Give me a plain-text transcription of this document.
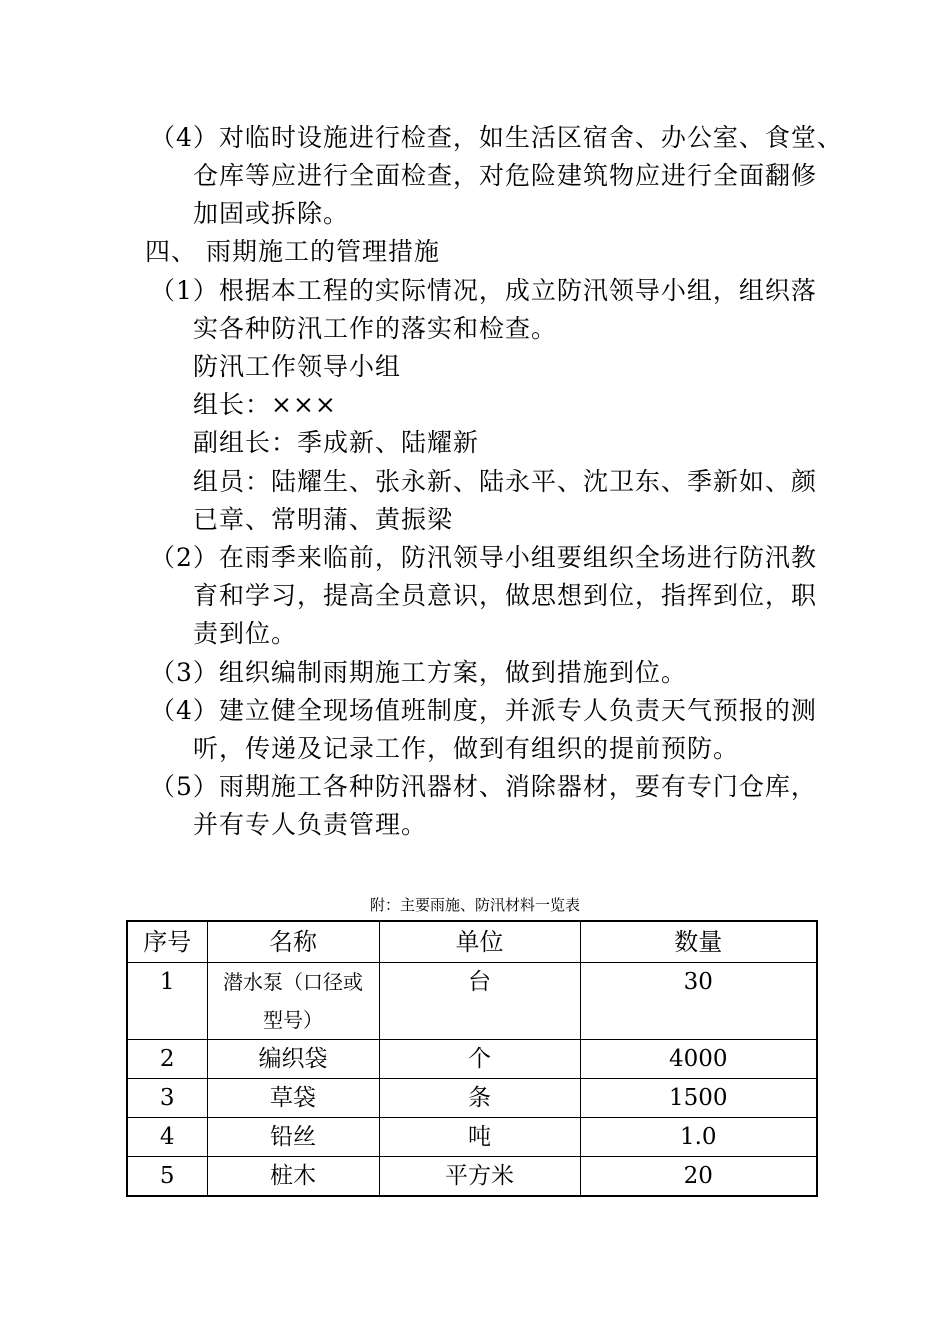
（4）对临时设施进行检查，如生活区宿舍、办公室、食堂、
仓库等应进行全面检查，对危险建筑物应进行全面翻修
加固或拆除。
四、 雨期施工的管理措施
（1）根据本工程的实际情况，成立防汛领导小组，组织落
实各种防汛工作的落实和检查。
防汛工作领导小组
组长：×××
副组长：季成新、陆耀新
组员：陆耀生、张永新、陆永平、沈卫东、季新如、颜
已章、常明蒲、黄振梁
（2）在雨季来临前，防汛领导小组要组织全场进行防汛教
育和学习，提高全员意识，做思想到位，指挥到位，职
责到位。
（3）组织编制雨期施工方案，做到措施到位。
（4）建立健全现场值班制度，并派专人负责天气预报的测
听，传递及记录工作，做到有组织的提前预防。
（5）雨期施工各种防汛器材、消除器材，要有专门仓库，
并有专人负责管理。
附：主要雨施、防汛材料一览表
序号	名称	单位	数量
1	潜水泵（口径或型号）	台	30
2	编织袋	个	4000
3	草袋	条	1500
4	铅丝	吨	1.0
5	桩木	平方米	20
